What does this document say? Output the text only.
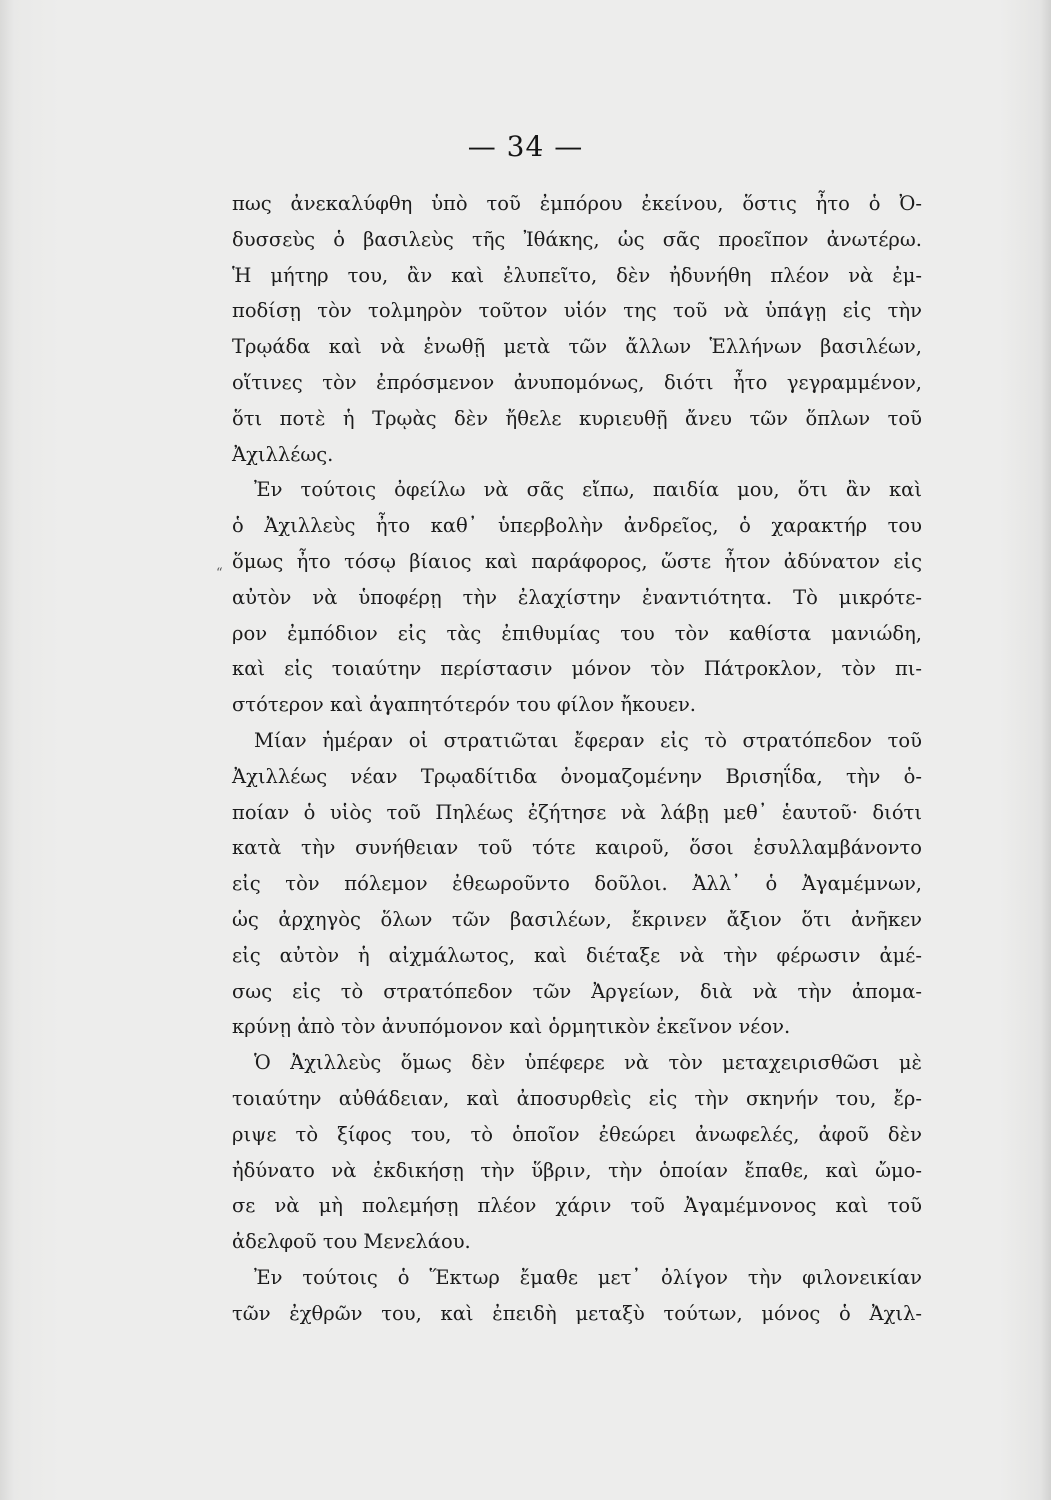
— 34 —
“
πως ἀνεκαλύφθη ὑπὸ τοῦ ἐμπόρου ἐκείνου, ὅστις ἦτο ὁ Ὀ-
δυσσεὺς ὁ βασιλεὺς τῆς Ἰθάκης, ὡς σᾶς προεῖπον ἀνωτέρω.
Ἡ μήτηρ του, ἂν καὶ ἐλυπεῖτο, δὲν ἠδυνήθη πλέον νὰ ἐμ-
ποδίσῃ τὸν τολμηρὸν τοῦτον υἱόν της τοῦ νὰ ὑπάγῃ εἰς τὴν
Τρῳάδα καὶ νὰ ἑνωθῇ μετὰ τῶν ἄλλων Ἑλλήνων βασιλέων,
οἵτινες τὸν ἐπρόσμενον ἀνυπομόνως, διότι ἦτο γεγραμμένον,
ὅτι ποτὲ ἡ Τρῳὰς δὲν ἤθελε κυριευθῇ ἄνευ τῶν ὅπλων τοῦ
Ἀχιλλέως.
Ἐν τούτοις ὀφείλω νὰ σᾶς εἴπω, παιδία μου, ὅτι ἂν καὶ
ὁ Ἀχιλλεὺς ἦτο καθ᾽ ὑπερβολὴν ἀνδρεῖος, ὁ χαρακτήρ του
ὅμως ἦτο τόσῳ βίαιος καὶ παράφορος, ὥστε ἦτον ἀδύνατον εἰς
αὐτὸν νὰ ὑποφέρῃ τὴν ἐλαχίστην ἐναντιότητα. Τὸ μικρότε-
ρον ἐμπόδιον εἰς τὰς ἐπιθυμίας του τὸν καθίστα μανιώδη,
καὶ εἰς τοιαύτην περίστασιν μόνον τὸν Πάτροκλον, τὸν πι-
στότερον καὶ ἀγαπητότερόν του φίλον ἤκουεν.
Μίαν ἡμέραν οἱ στρατιῶται ἔφεραν εἰς τὸ στρατόπεδον τοῦ
Ἀχιλλέως νέαν Τρῳαδίτιδα ὀνομαζομένην Βρισηΐδα, τὴν ὁ-
ποίαν ὁ υἱὸς τοῦ Πηλέως ἐζήτησε νὰ λάβῃ μεθ᾽ ἑαυτοῦ· διότι
κατὰ τὴν συνήθειαν τοῦ τότε καιροῦ, ὅσοι ἐσυλλαμβάνοντο
εἰς τὸν πόλεμον ἐθεωροῦντο δοῦλοι. Ἀλλ᾽ ὁ Ἀγαμέμνων,
ὡς ἀρχηγὸς ὅλων τῶν βασιλέων, ἔκρινεν ἄξιον ὅτι ἀνῆκεν
εἰς αὐτὸν ἡ αἰχμάλωτος, καὶ διέταξε νὰ τὴν φέρωσιν ἀμέ-
σως εἰς τὸ στρατόπεδον τῶν Ἀργείων, διὰ νὰ τὴν ἀπομα-
κρύνῃ ἀπὸ τὸν ἀνυπόμονον καὶ ὁρμητικὸν ἐκεῖνον νέον.
Ὁ Ἀχιλλεὺς ὅμως δὲν ὑπέφερε νὰ τὸν μεταχειρισθῶσι μὲ
τοιαύτην αὐθάδειαν, καὶ ἀποσυρθεὶς εἰς τὴν σκηνήν του, ἔρ-
ριψε τὸ ξίφος του, τὸ ὁποῖον ἐθεώρει ἀνωφελές, ἀφοῦ δὲν
ἠδύνατο νὰ ἐκδικήσῃ τὴν ὕβριν, τὴν ὁποίαν ἔπαθε, καὶ ὤμο-
σε νὰ μὴ πολεμήσῃ πλέον χάριν τοῦ Ἀγαμέμνονος καὶ τοῦ
ἀδελφοῦ του Μενελάου.
Ἐν τούτοις ὁ Ἕκτωρ ἔμαθε μετ᾽ ὀλίγον τὴν φιλονεικίαν
τῶν ἐχθρῶν του, καὶ ἐπειδὴ μεταξὺ τούτων, μόνος ὁ Ἀχιλ-
